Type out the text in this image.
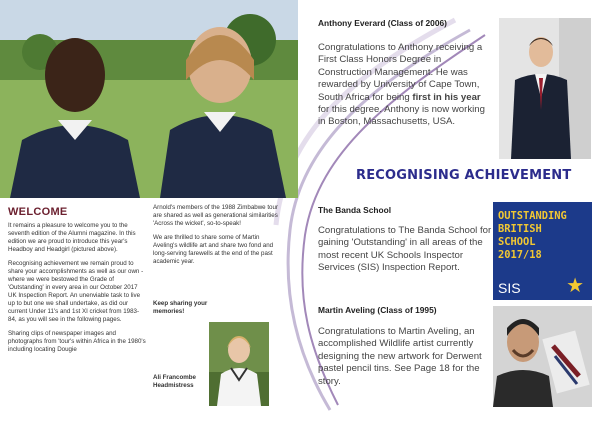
WELCOME

It remains a pleasure to welcome you to the seventh edition of the Alumni magazine. In this edition we are proud to introduce this year's Headboy and Headgirl (pictured above).

Recognising achievement we remain proud to share your accomplishments as well as our own - where we were bestowed the Grade of 'Outstanding' in every area in our October 2017 UK Inspection Report. An unenviable task to live up to but one we shall undertake, as did our current Under 11's and 1st XI cricket from 1983-84, as you will see in the following pages.

Sharing clips of newspaper images and photographs from 'tour's within Africa in the 1980's including locating Dougie

Arnold's members of the 1988 Zimbabwe tour are shared as well as generational similarities 'Across the wicket', so-to-speak!

We are thrilled to share some of Martin Aveling's wildlife art and share two fond and long-serving farewells at the end of the past academic year.

Keep sharing your memories!
Ali Francombe
Headmistress
Anthony Everard (Class of 2006)
Congratulations to Anthony receiving a First Class Honors Degree in Construction Management. He was rewarded by University of Cape Town, South Africa for being first in his year for this degree. Anthony is now working in Boston, Massachusetts, USA.
RECOGNISING ACHIEVEMENT
The Banda School
Congratulations to The Banda School for gaining 'Outstanding' in all areas of the most recent UK Schools Inspector Services (SIS) Inspection Report.
OUTSTANDING
BRITISH
SCHOOL
2017/18
SIS ★
Martin Aveling (Class of 1995)
Congratulations to Martin Aveling, an accomplished Wildlife artist currently designing the new artwork for Derwent pastel pencil tins. See Page 18 for the story.
